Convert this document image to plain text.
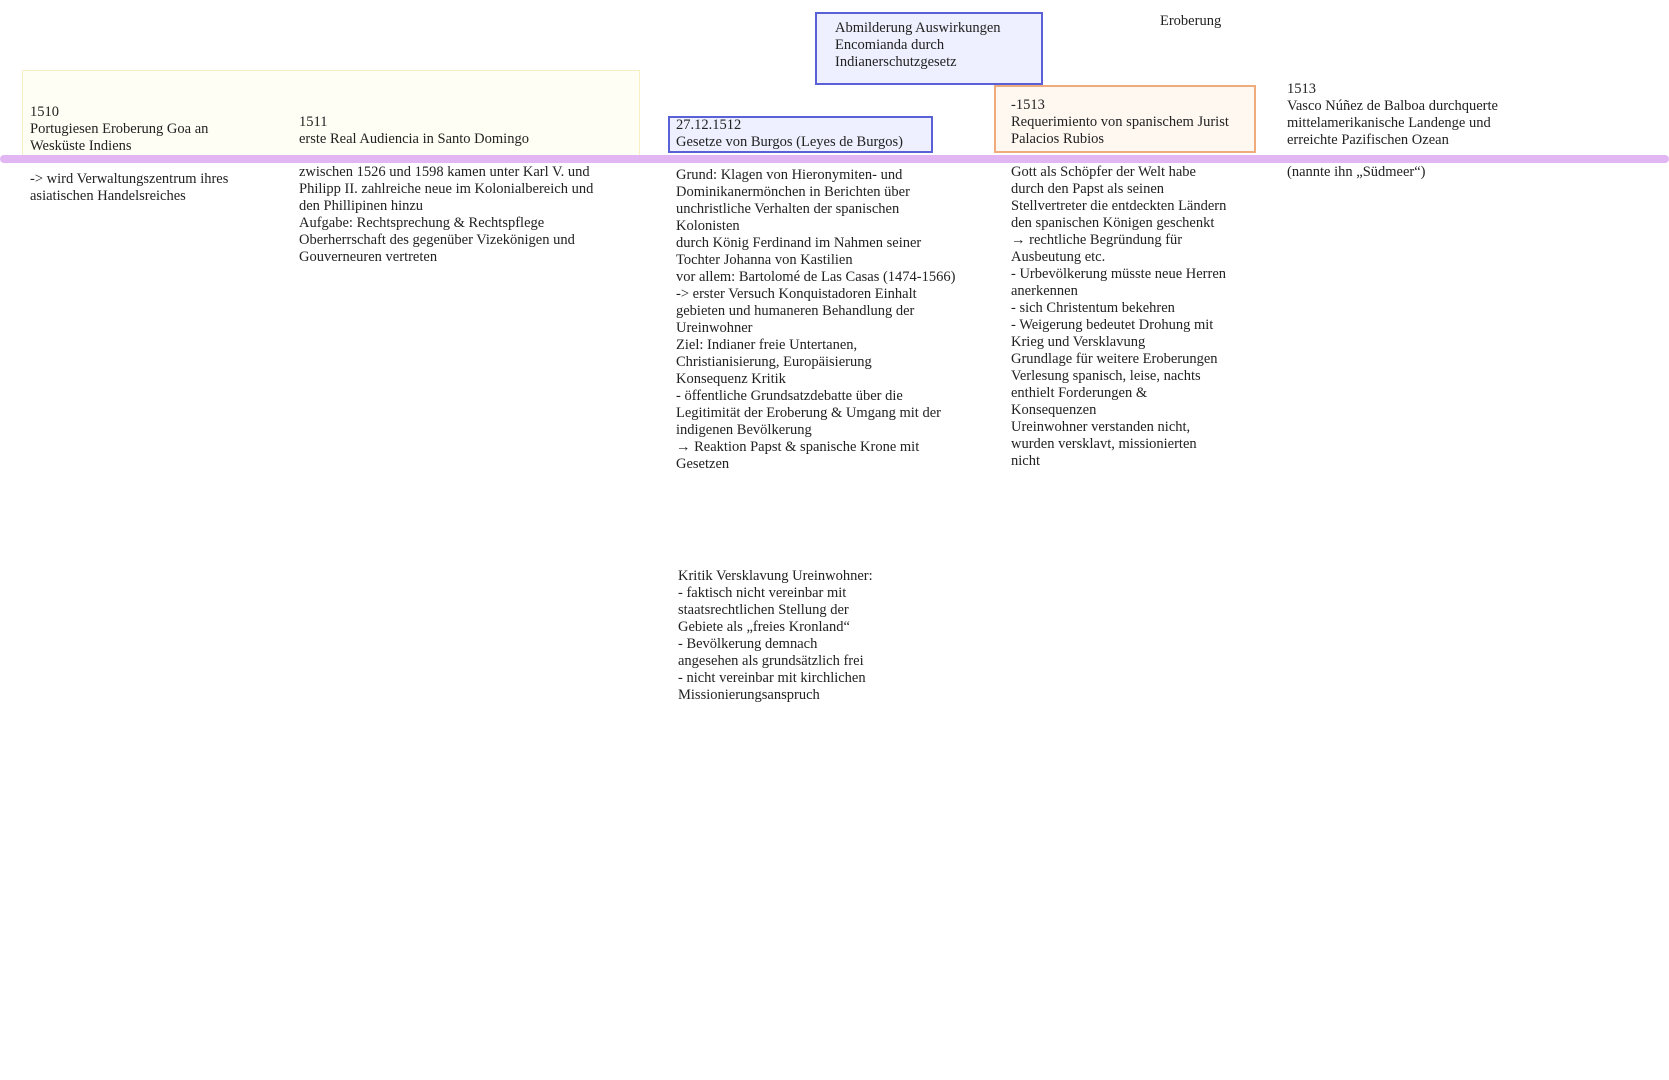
Eroberung
Abmilderung Auswirkungen
Encomianda durch
Indianerschutzgesetz
1510
Portugiesen Eroberung Goa an
Wesküste Indiens
-> wird Verwaltungszentrum ihres
asiatischen Handelsreiches
1511
erste Real Audiencia in Santo Domingo
zwischen 1526 und 1598 kamen unter Karl V. und
Philipp II. zahlreiche neue im Kolonialbereich und
den Phillipinen hinzu
Aufgabe: Rechtsprechung & Rechtspflege
Oberherrschaft des gegenüber Vizekönigen und
Gouverneuren vertreten
27.12.1512
Gesetze von Burgos (Leyes de Burgos)
Grund: Klagen von Hieronymiten- und
Dominikanermönchen in Berichten über
unchristliche Verhalten der spanischen
Kolonisten
durch König Ferdinand im Nahmen seiner
Tochter Johanna von Kastilien
vor allem: Bartolomé de Las Casas (1474-1566)
-> erster Versuch Konquistadoren Einhalt
gebieten und humaneren Behandlung der
Ureinwohner
Ziel: Indianer freie Untertanen,
Christianisierung, Europäisierung
Konsequenz Kritik
- öffentliche Grundsatzdebatte über die
Legitimität der Eroberung & Umgang mit der
indigenen Bevölkerung
→ Reaktion Papst & spanische Krone mit
Gesetzen
Kritik Versklavung Ureinwohner:
- faktisch nicht vereinbar mit
staatsrechtlichen Stellung der
Gebiete als „freies Kronland“
- Bevölkerung demnach
angesehen als grundsätzlich frei
- nicht vereinbar mit kirchlichen
Missionierungsanspruch
-1513
Requerimiento von spanischem Jurist
Palacios Rubios
Gott als Schöpfer der Welt habe
durch den Papst als seinen
Stellvertreter die entdeckten Ländern
den spanischen Königen geschenkt
→ rechtliche Begründung für
Ausbeutung etc.
- Urbevölkerung müsste neue Herren
anerkennen
- sich Christentum bekehren
- Weigerung bedeutet Drohung mit
Krieg und Versklavung
Grundlage für weitere Eroberungen
Verlesung spanisch, leise, nachts
enthielt Forderungen &
Konsequenzen
Ureinwohner verstanden nicht,
wurden versklavt, missionierten
nicht
1513
Vasco Núñez de Balboa durchquerte
mittelamerikanische Landenge und
erreichte Pazifischen Ozean
(nannte ihn „Südmeer“)
